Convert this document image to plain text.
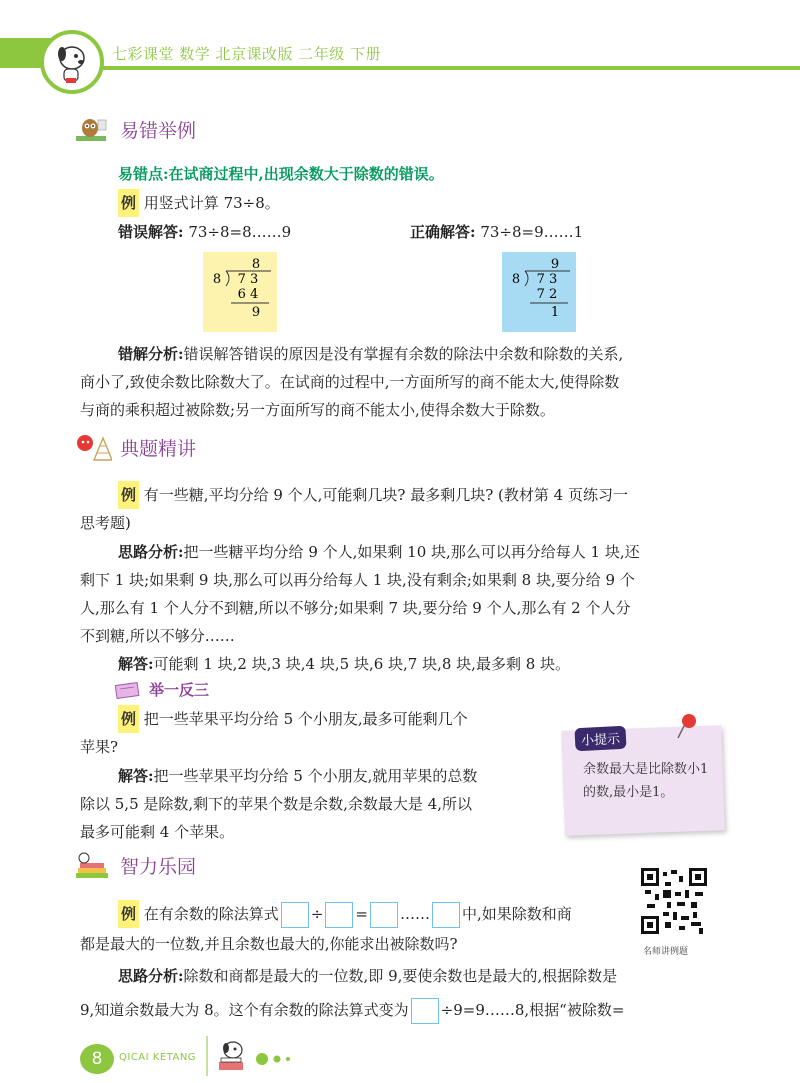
七彩课堂 数学 北京课改版 二年级 下册
易错举例
易错点:在试商过程中,出现余数大于除数的错误。
例 用竖式计算 73÷8。
错误解答: 73÷8=8……9	正确解答: 73÷8=9……1
8
8 7 3
6 4
9
9
8 7 3
7 2
1
错解分析:错误解答错误的原因是没有掌握有余数的除法中余数和除数的关系,
商小了,致使余数比除数大了。在试商的过程中,一方面所写的商不能太大,使得除数
与商的乘积超过被除数;另一方面所写的商不能太小,使得余数大于除数。
典题精讲
例 有一些糖,平均分给 9 个人,可能剩几块? 最多剩几块? (教材第 4 页练习一
思考题)
思路分析:把一些糖平均分给 9 个人,如果剩 10 块,那么可以再分给每人 1 块,还
剩下 1 块;如果剩 9 块,那么可以再分给每人 1 块,没有剩余;如果剩 8 块,要分给 9 个
人,那么有 1 个人分不到糖,所以不够分;如果剩 7 块,要分给 9 个人,那么有 2 个人分
不到糖,所以不够分……
解答:可能剩 1 块,2 块,3 块,4 块,5 块,6 块,7 块,8 块,最多剩 8 块。
举一反三
例 把一些苹果平均分给 5 个小朋友,最多可能剩几个
苹果?
解答:把一些苹果平均分给 5 个小朋友,就用苹果的总数
除以 5,5 是除数,剩下的苹果个数是余数,余数最大是 4,所以
最多可能剩 4 个苹果。
小提示
余数最大是比除数小1的数,最小是1。
智力乐园
例 在有余数的除法算式 ÷ = …… 中,如果除数和商
都是最大的一位数,并且余数也最大的,你能求出被除数吗?
思路分析:除数和商都是最大的一位数,即 9,要使余数也是最大的,根据除数是
9,知道余数最大为 8。这个有余数的除法算式变为 ÷9=9……8,根据“被除数=
名师讲例题
8	QICAI KETANG
